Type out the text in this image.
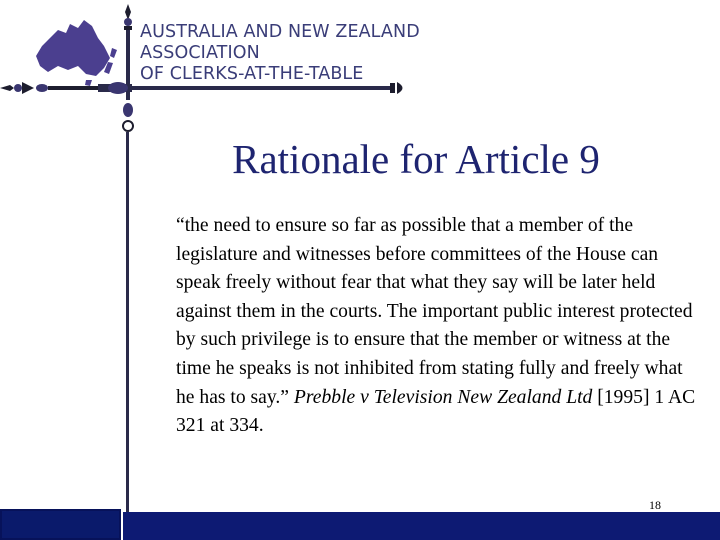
AUSTRALIA AND NEW ZEALAND
ASSOCIATION
OF CLERKS-AT-THE-TABLE
Rationale for Article 9
“the need to ensure so far as possible that a member of the legislature and witnesses before committees of the House can speak freely without fear that what they say will be later held against them in the courts. The important public interest protected by such privilege is to ensure that the member or witness at the time he speaks is not inhibited from stating fully and freely what he has to say.” Prebble v Television New Zealand Ltd [1995] 1 AC 321 at 334.
18
